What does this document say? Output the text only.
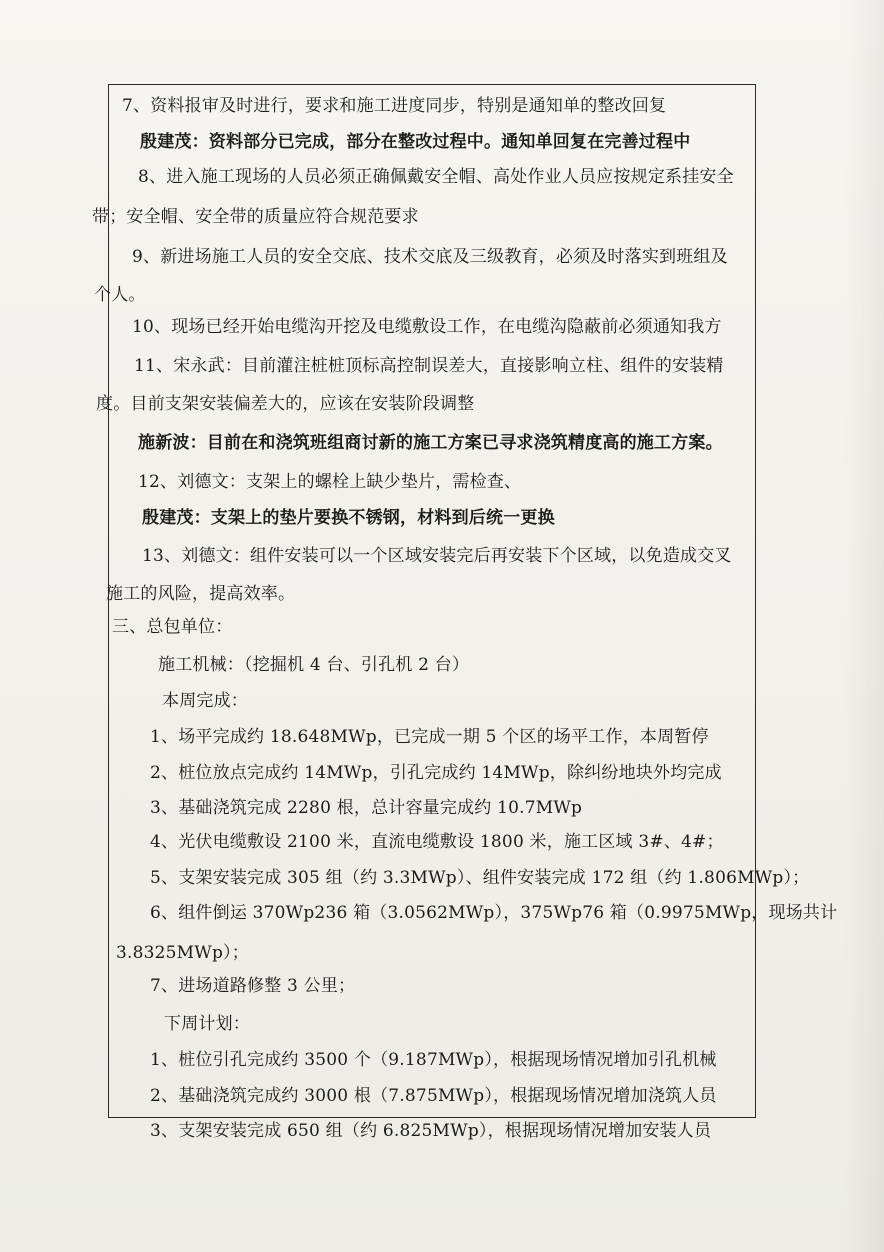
7、资料报审及时进行，要求和施工进度同步，特别是通知单的整改回复
殷建茂：资料部分已完成，部分在整改过程中。通知单回复在完善过程中
8、进入施工现场的人员必须正确佩戴安全帽、高处作业人员应按规定系挂安全
带；安全帽、安全带的质量应符合规范要求
9、新进场施工人员的安全交底、技术交底及三级教育，必须及时落实到班组及
个人。
10、现场已经开始电缆沟开挖及电缆敷设工作，在电缆沟隐蔽前必须通知我方
11、宋永武：目前灌注桩桩顶标高控制误差大，直接影响立柱、组件的安装精
度。目前支架安装偏差大的，应该在安装阶段调整
施新波：目前在和浇筑班组商讨新的施工方案已寻求浇筑精度高的施工方案。
12、刘德文：支架上的螺栓上缺少垫片，需检查、
殷建茂：支架上的垫片要换不锈钢，材料到后统一更换
13、刘德文：组件安装可以一个区域安装完后再安装下个区域，以免造成交叉
施工的风险，提高效率。
三、总包单位：
施工机械：（挖掘机 4 台、引孔机 2 台）
本周完成：
1、场平完成约 18.648MWp，已完成一期 5 个区的场平工作，本周暂停
2、桩位放点完成约 14MWp，引孔完成约 14MWp，除纠纷地块外均完成
3、基础浇筑完成 2280 根，总计容量完成约 10.7MWp
4、光伏电缆敷设 2100 米，直流电缆敷设 1800 米，施工区域 3#、4#；
5、支架安装完成 305 组（约 3.3MWp）、组件安装完成 172 组（约 1.806MWp）；
6、组件倒运 370Wp236 箱（3.0562MWp），375Wp76 箱（0.9975MWp，现场共计
3.8325MWp）；
7、进场道路修整 3 公里；
下周计划：
1、桩位引孔完成约 3500 个（9.187MWp），根据现场情况增加引孔机械
2、基础浇筑完成约 3000 根（7.875MWp），根据现场情况增加浇筑人员
3、支架安装完成 650 组（约 6.825MWp），根据现场情况增加安装人员
